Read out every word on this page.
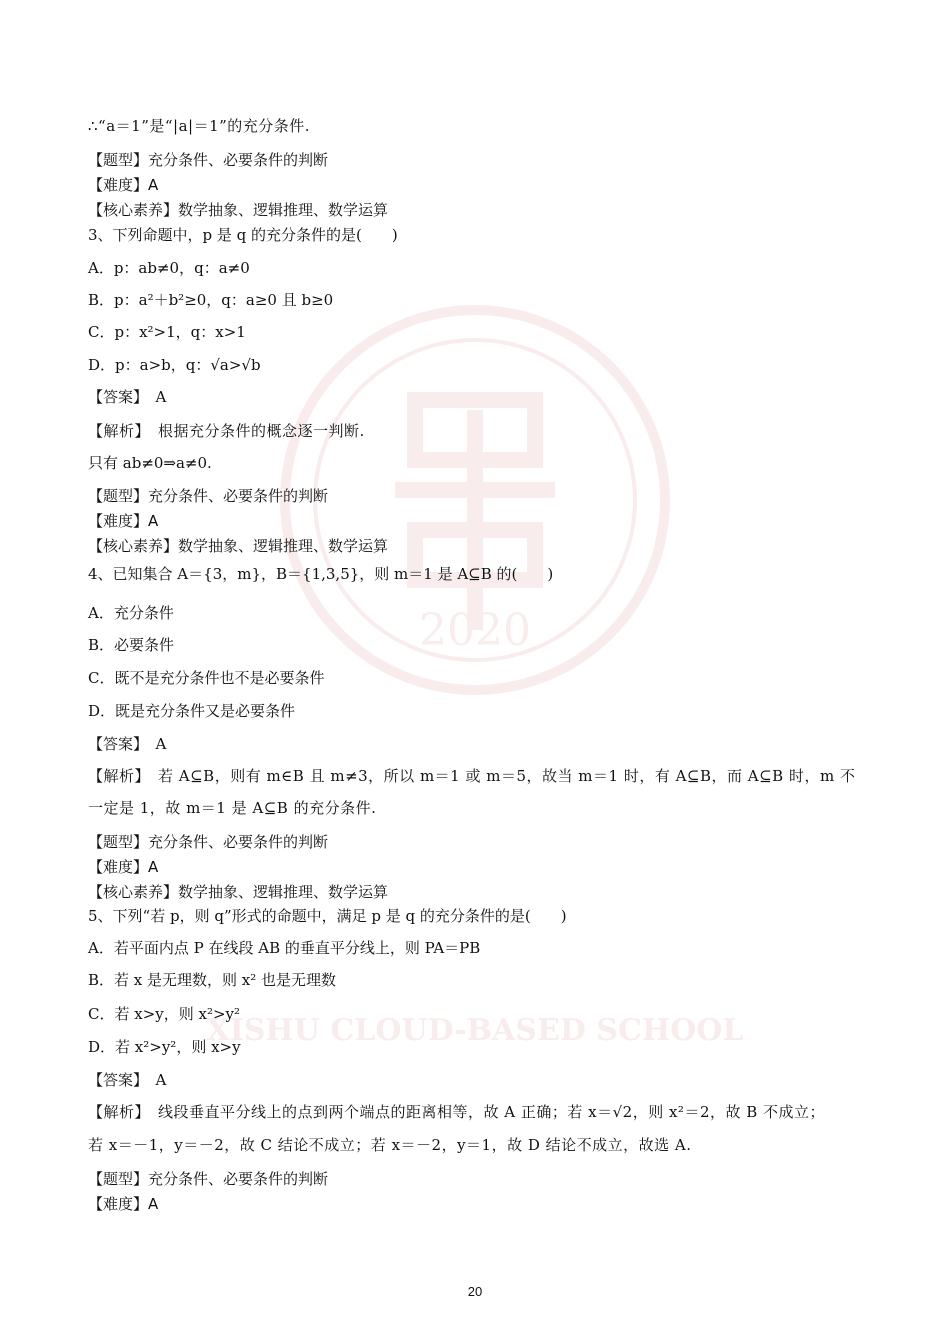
2020
XISHU CLOUD-BASED SCHOOL
∴“a＝1”是“|a|＝1”的充分条件.
【题型】充分条件、必要条件的判断
【难度】A
【核心素养】数学抽象、逻辑推理、数学运算
3、下列命题中，p 是 q 的充分条件的是(　　)
A．p：ab≠0，q：a≠0
B．p：a²＋b²≥0，q：a≥0 且 b≥0
C．p：x²>1，q：x>1
D．p：a>b，q：√a>√b
【答案】　A
【解析】　根据充分条件的概念逐一判断.
只有 ab≠0⇒a≠0.
【题型】充分条件、必要条件的判断
【难度】A
【核心素养】数学抽象、逻辑推理、数学运算
4、已知集合 A＝{3，m}，B＝{1,3,5}，则 m＝1 是 A⊆B 的(　　)
A．充分条件
B．必要条件
C．既不是充分条件也不是必要条件
D．既是充分条件又是必要条件
【答案】　A
【解析】　若 A⊆B，则有 m∈B 且 m≠3，所以 m＝1 或 m＝5，故当 m＝1 时，有 A⊆B，而 A⊆B 时，m 不
一定是 1，故 m＝1 是 A⊆B 的充分条件.
【题型】充分条件、必要条件的判断
【难度】A
【核心素养】数学抽象、逻辑推理、数学运算
5、下列“若 p，则 q”形式的命题中，满足 p 是 q 的充分条件的是(　　)
A．若平面内点 P 在线段 AB 的垂直平分线上，则 PA＝PB
B．若 x 是无理数，则 x² 也是无理数
C．若 x>y，则 x²>y²
D．若 x²>y²，则 x>y
【答案】　A
【解析】　线段垂直平分线上的点到两个端点的距离相等，故 A 正确；若 x＝√2，则 x²＝2，故 B 不成立；
若 x＝－1，y＝－2，故 C 结论不成立；若 x＝－2，y＝1，故 D 结论不成立，故选 A.
【题型】充分条件、必要条件的判断
【难度】A
20
